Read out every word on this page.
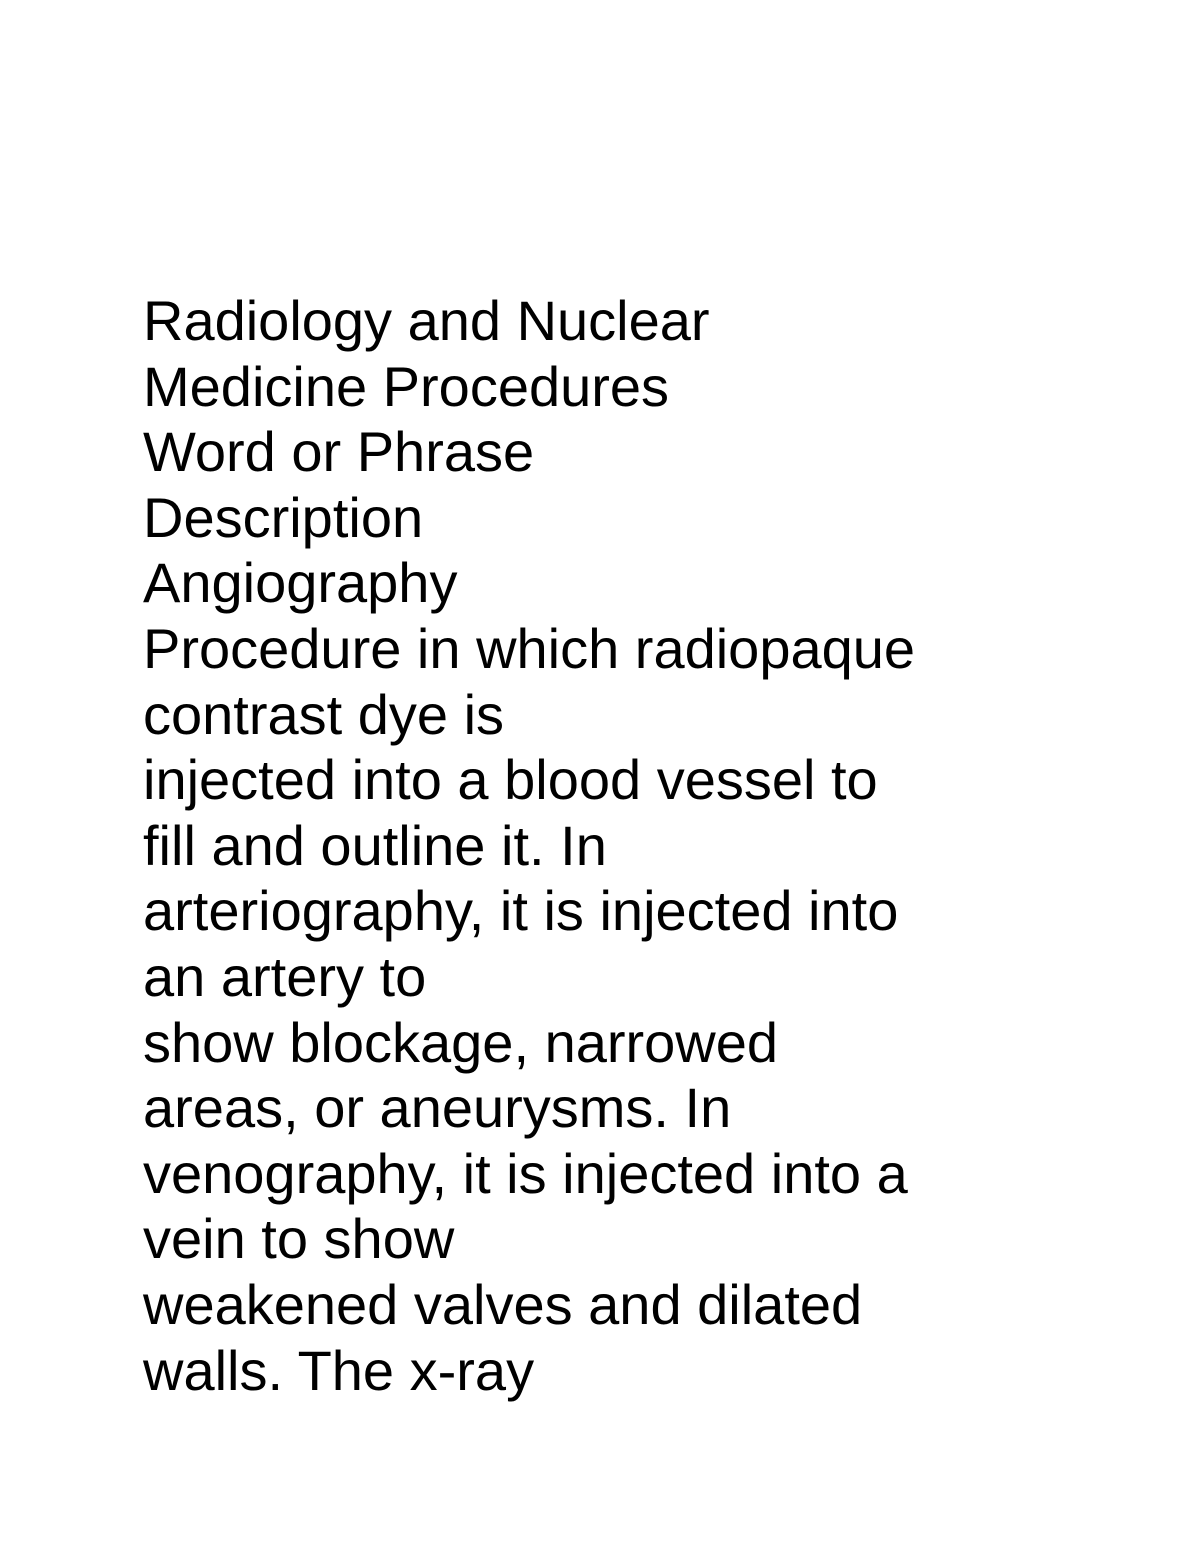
Radiology and Nuclear
Medicine Procedures
Word or Phrase
Description
Angiography
Procedure in which radiopaque
contrast dye is
injected into a blood vessel to
fill and outline it. In
arteriography, it is injected into
an artery to
show blockage, narrowed
areas, or aneurysms. In
venography, it is injected into a
vein to show
weakened valves and dilated
walls. The x-ray
